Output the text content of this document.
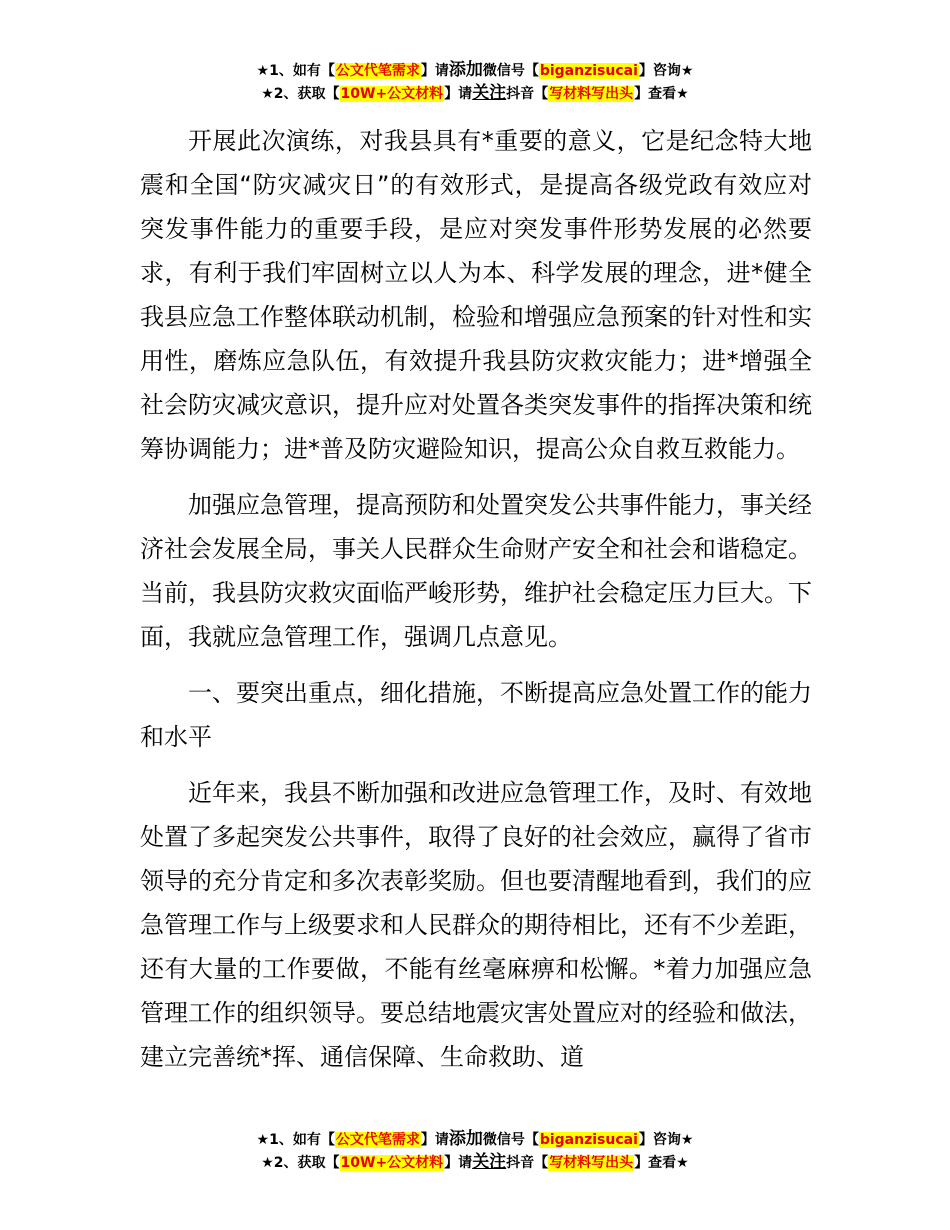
★1、如有【公文代笔需求】请添加微信号【biganzisucai】咨询★
★2、获取【10W+公文材料】请关注抖音【写材料写出头】查看★

开展此次演练，对我县具有*重要的意义，它是纪念特大地震和全国“防灾减灾日”的有效形式，是提高各级党政有效应对突发事件能力的重要手段，是应对突发事件形势发展的必然要求，有利于我们牢固树立以人为本、科学发展的理念，进*健全我县应急工作整体联动机制，检验和增强应急预案的针对性和实用性，磨炼应急队伍，有效提升我县防灾救灾能力；进*增强全社会防灾减灾意识，提升应对处置各类突发事件的指挥决策和统筹协调能力；进*普及防灾避险知识，提高公众自救互救能力。

加强应急管理，提高预防和处置突发公共事件能力，事关经济社会发展全局，事关人民群众生命财产安全和社会和谐稳定。当前，我县防灾救灾面临严峻形势，维护社会稳定压力巨大。下面，我就应急管理工作，强调几点意见。

一、要突出重点，细化措施，不断提高应急处置工作的能力和水平

近年来，我县不断加强和改进应急管理工作，及时、有效地处置了多起突发公共事件，取得了良好的社会效应，赢得了省市领导的充分肯定和多次表彰奖励。但也要清醒地看到，我们的应急管理工作与上级要求和人民群众的期待相比，还有不少差距，还有大量的工作要做，不能有丝毫麻痹和松懈。*着力加强应急管理工作的组织领导。要总结地震灾害处置应对的经验和做法，建立完善统*挥、通信保障、生命救助、道

★1、如有【公文代笔需求】请添加微信号【biganzisucai】咨询★
★2、获取【10W+公文材料】请关注抖音【写材料写出头】查看★
